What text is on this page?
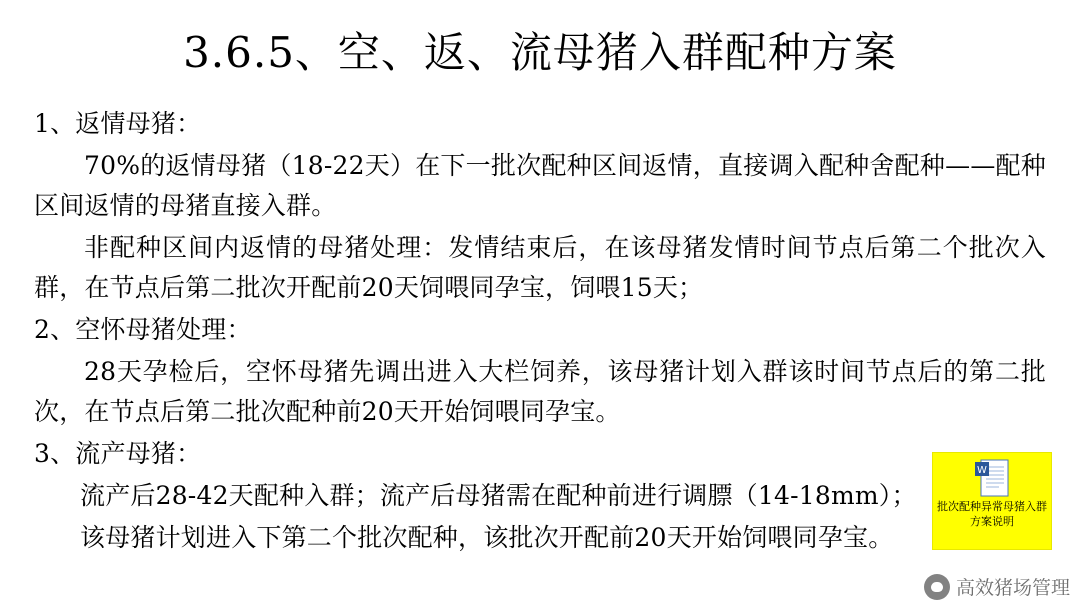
3.6.5、空、返、流母猪入群配种方案

1、返情母猪：

70%的返情母猪（18-22天）在下一批次配种区间返情，直接调入配种舍配种——配种区间返情的母猪直接入群。

非配种区间内返情的母猪处理：发情结束后，在该母猪发情时间节点后第二个批次入群，在节点后第二批次开配前20天饲喂同孕宝，饲喂15天；

2、空怀母猪处理：

28天孕检后，空怀母猪先调出进入大栏饲养，该母猪计划入群该时间节点后的第二批次，在节点后第二批次配种前20天开始饲喂同孕宝。

3、流产母猪：

流产后28-42天配种入群；流产后母猪需在配种前进行调膘（14-18mm）；

该母猪计划进入下第二个批次配种，该批次开配前20天开始饲喂同孕宝。

W
批次配种异常母猪入群方案说明
高效猪场管理
